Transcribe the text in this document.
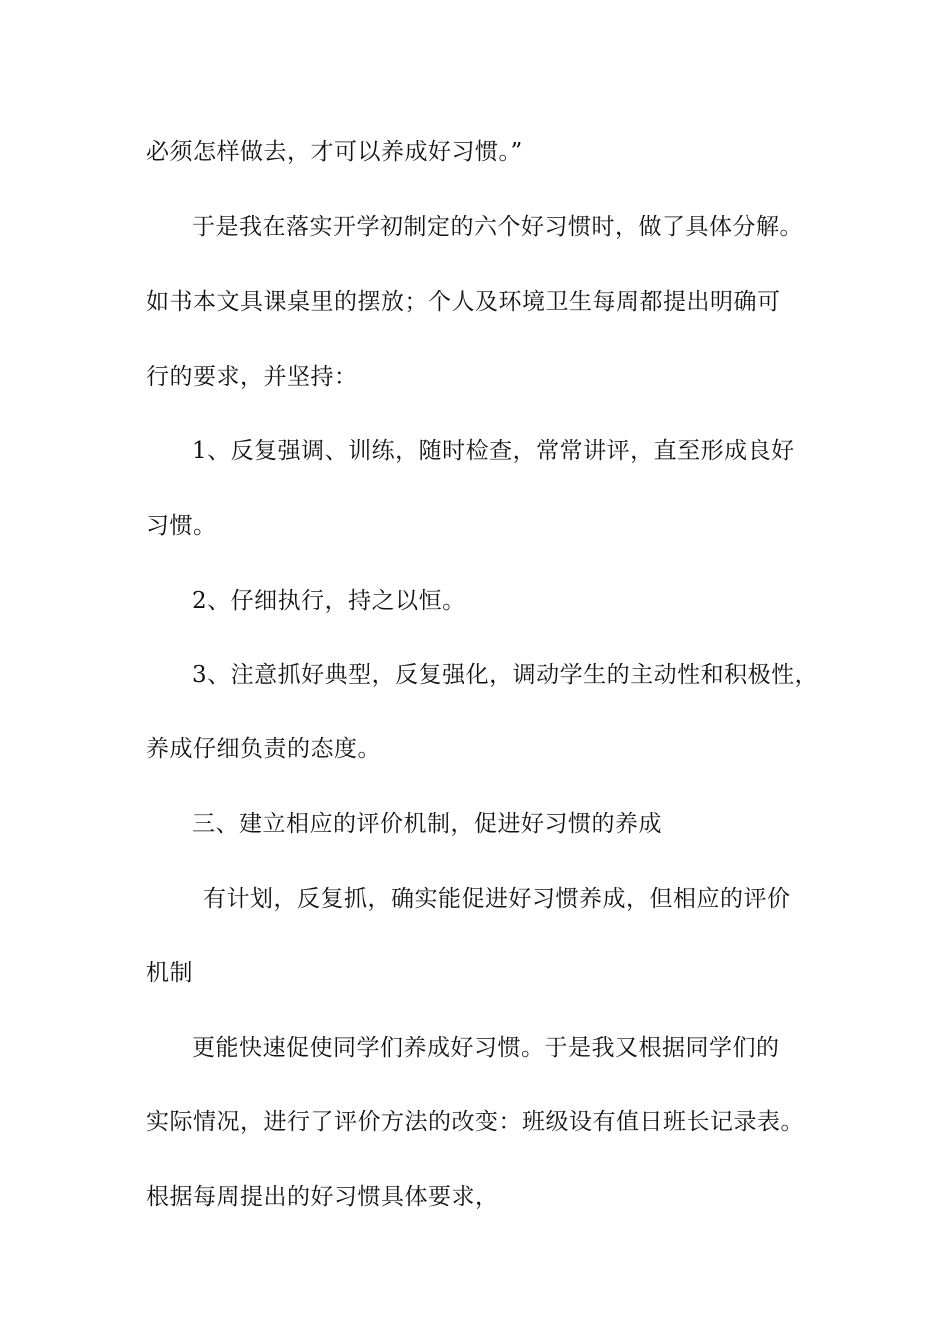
必须怎样做去，才可以养成好习惯。”
于是我在落实开学初制定的六个好习惯时，做了具体分解。
如书本文具课桌里的摆放；个人及环境卫生每周都提出明确可
行的要求，并坚持：
1、反复强调、训练，随时检查，常常讲评，直至形成良好
习惯。
2、仔细执行，持之以恒。
3、注意抓好典型，反复强化，调动学生的主动性和积极性，
养成仔细负责的态度。
三、建立相应的评价机制，促进好习惯的养成
有计划，反复抓，确实能促进好习惯养成，但相应的评价
机制
更能快速促使同学们养成好习惯。于是我又根据同学们的
实际情况，进行了评价方法的改变：班级设有值日班长记录表。
根据每周提出的好习惯具体要求，
